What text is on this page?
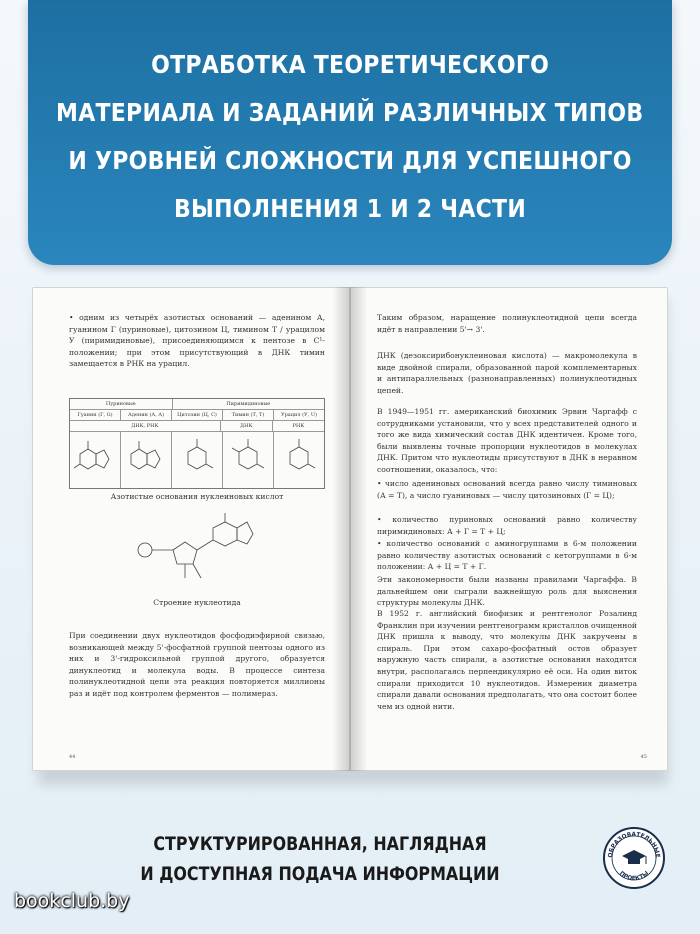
ОТРАБОТКА ТЕОРЕТИЧЕСКОГО
МАТЕРИАЛА И ЗАДАНИЙ РАЗЛИЧНЫХ ТИПОВ
И УРОВНЕЙ СЛОЖНОСТИ ДЛЯ УСПЕШНОГО
ВЫПОЛНЕНИЯ 1 И 2 ЧАСТИ
• одним из четырёх азотистых оснований — аденином А, гуанином Г (пуриновые), цитозином Ц, тимином Т / урацилом У (пиримидиновые), присоединяющимся к пентозе в C¹-положении; при этом присутствующий в ДНК тимин замещается в РНК на урацил.
Пуриновые	Пиримидиновые
Гуанин (Г, G)	Аденин (А, A)	Цитозин (Ц, C)	Тимин (Т, T)	Урацил (У, U)
ДНК, РНК	ДНК	РНК
Азотистые основания нуклеиновых кислот
Строение нуклеотида
При соединении двух нуклеотидов фосфодиэфирной связью, возникающей между 5'-фосфатной группой пентозы одного из них и 3'-гидроксильной группой другого, образуется динуклеотид и молекула воды. В процессе синтеза полинуклеотидной цепи эта реакция повторяется миллионы раз и идёт под контролем ферментов — полимераз.
44
Таким образом, наращение полинуклеотидной цепи всегда идёт в направлении 5'→ 3'.
ДНК (дезоксирибонуклеиновая кислота) — макромолекула в виде двойной спирали, образованной парой комплементарных и антипараллельных (разнонаправленных) полинуклеотидных цепей.
В 1949—1951 гг. американский биохимик Эрвин Чаргафф с сотрудниками установили, что у всех представителей одного и того же вида химический состав ДНК идентичен. Кроме того, были выявлены точные пропорции нуклеотидов в молекулах ДНК. Притом что нуклеотиды присутствуют в ДНК в неравном соотношении, оказалось, что:
• число адениновых оснований всегда равно числу тиминовых (А = Т), а число гуаниновых — числу цитозиновых (Г = Ц);
• количество пуриновых оснований равно количеству пиримидиновых: А + Г = Т + Ц;
• количество оснований с аминогруппами в 6-м положении равно количеству азотистых оснований с кетогруппами в 6-м положении: А + Ц = Т + Г.
Эти закономерности были названы правилами Чаргаффа. В дальнейшем они сыграли важнейшую роль для выяснения структуры молекулы ДНК.
В 1952 г. английский биофизик и рентгенолог Розалинд Франклин при изучении рентгенограмм кристаллов очищенной ДНК пришла к выводу, что молекулы ДНК закручены в спираль. При этом сахаро-фосфатный остов образует наружную часть спирали, а азотистые основания находятся внутри, располагаясь перпендикулярно её оси. На один виток спирали приходится 10 нуклеотидов. Измерения диаметра спирали давали основания предполагать, что она состоит более чем из одной нити.
45
СТРУКТУРИРОВАННАЯ, НАГЛЯДНАЯ
И ДОСТУПНАЯ ПОДАЧА ИНФОРМАЦИИ
bookclub.by
ОБРАЗОВАТЕЛЬНЫЕ
ПРОЕКТЫ
